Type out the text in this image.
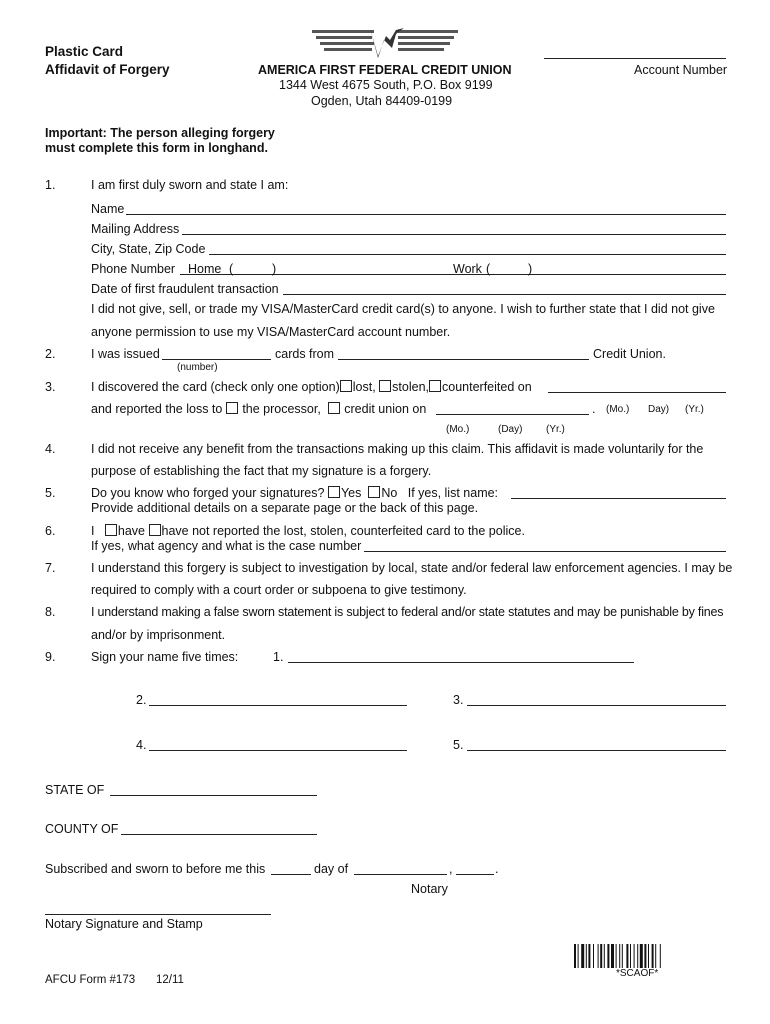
Plastic Card
Affidavit of Forgery	AMERICA FIRST FEDERAL CREDIT UNION
1344 West 4675 South, P.O. Box 9199
Ogden, Utah 84409-0199
Account Number
Important: The person alleging forgery
must complete this form in longhand.
1.	I am first duly sworn and state I am:
Name
Mailing Address
City, State, Zip Code
Phone Number Home (	)	Work (	)
Date of first fraudulent transaction
I did not give, sell, or trade my VISA/MasterCard credit card(s) to anyone. I wish to further state that I did not give
anyone permission to use my VISA/MasterCard account number.
2.	I was issued	cards from	Credit Union.
(number)
3.	I discovered the card (check only one option) lost, stolen, counterfeited on
and reported the loss to the processor, credit union on	. (Mo.) Day) (Yr.)
(Mo.)	(Day) (Yr.)
4.	I did not receive any benefit from the transactions making up this claim. This affidavit is made voluntarily for the
purpose of establishing the fact that my signature is a forgery.
5.	Do you know who forged your signatures? Yes No If yes, list name:
Provide additional details on a separate page or the back of this page.
6.	I have have not reported the lost, stolen, counterfeited card to the police.
If yes, what agency and what is the case number
7.	I understand this forgery is subject to investigation by local, state and/or federal law enforcement agencies. I may be
required to comply with a court order or subpoena to give testimony.
8.	I understand making a false sworn statement is subject to federal and/or state statutes and may be punishable by fines
and/or by imprisonment.
9.	Sign your name five times:	1.
2.	3.
4.	5.
STATE OF
COUNTY OF
Subscribed and sworn to before me this	day of	,	.
Notary
Notary Signature and Stamp
AFCU Form #173 12/11
*SCAOF*
